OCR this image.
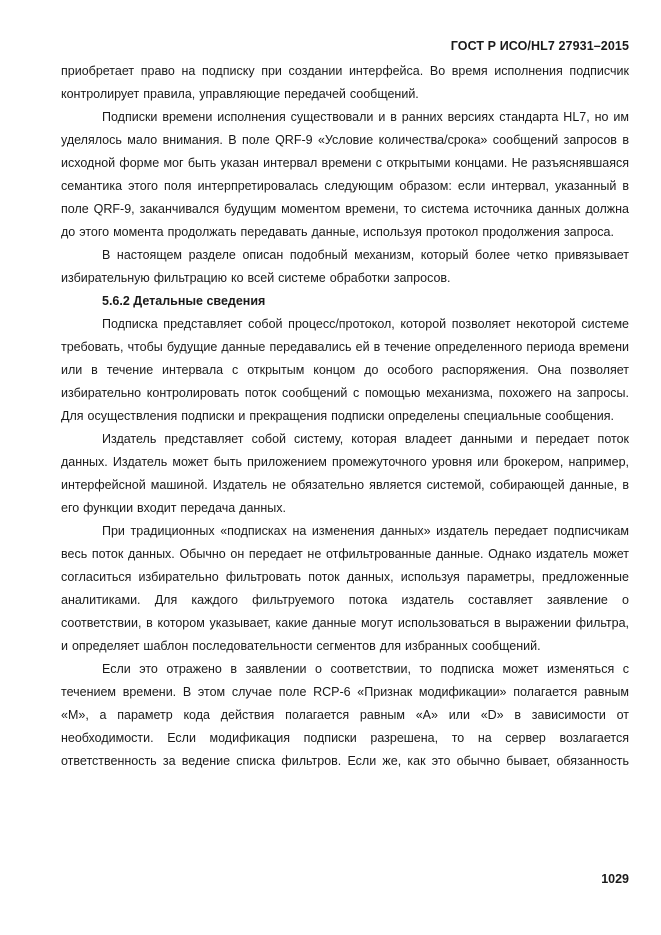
ГОСТ Р ИСО/HL7 27931–2015

приобретает право на подписку при создании интерфейса. Во время исполнения подписчик контролирует правила, управляющие передачей сообщений.

Подписки времени исполнения существовали и в ранних версиях стандарта HL7, но им уделялось мало внимания. В поле QRF-9 «Условие количества/срока» сообщений запросов в исходной форме мог быть указан интервал времени с открытыми концами. Не разъяснявшаяся семантика этого поля интерпретировалась следующим образом: если интервал, указанный в поле QRF-9, заканчивался будущим моментом времени, то система источника данных должна до этого момента продолжать передавать данные, используя протокол продолжения запроса.

В настоящем разделе описан подобный механизм, который более четко привязывает избирательную фильтрацию ко всей системе обработки запросов.

5.6.2 Детальные сведения

Подписка представляет собой процесс/протокол, которой позволяет некоторой системе требовать, чтобы будущие данные передавались ей в течение определенного периода времени или в течение интервала с открытым концом до особого распоряжения. Она позволяет избирательно контролировать поток сообщений с помощью механизма, похожего на запросы. Для осуществления подписки и прекращения подписки определены специальные сообщения.

Издатель представляет собой систему, которая владеет данными и передает поток данных. Издатель может быть приложением промежуточного уровня или брокером, например, интерфейсной машиной. Издатель не обязательно является системой, собирающей данные, в его функции входит передача данных.

При традиционных «подписках на изменения данных» издатель передает подписчикам весь поток данных. Обычно он передает не отфильтрованные данные. Однако издатель может согласиться избирательно фильтровать поток данных, используя параметры, предложенные аналитиками. Для каждого фильтруемого потока издатель составляет заявление о соответствии, в котором указывает, какие данные могут использоваться в выражении фильтра, и определяет шаблон последовательности сегментов для избранных сообщений.

Если это отражено в заявлении о соответствии, то подписка может изменяться с течением времени. В этом случае поле RCP-6 «Признак модификации» полагается равным «М», а параметр кода действия полагается равным «А» или «D» в зависимости от необходимости. Если модификация подписки разрешена, то на сервер возлагается ответственность за ведение списка фильтров. Если же, как это обычно бывает, обязанность

1029
